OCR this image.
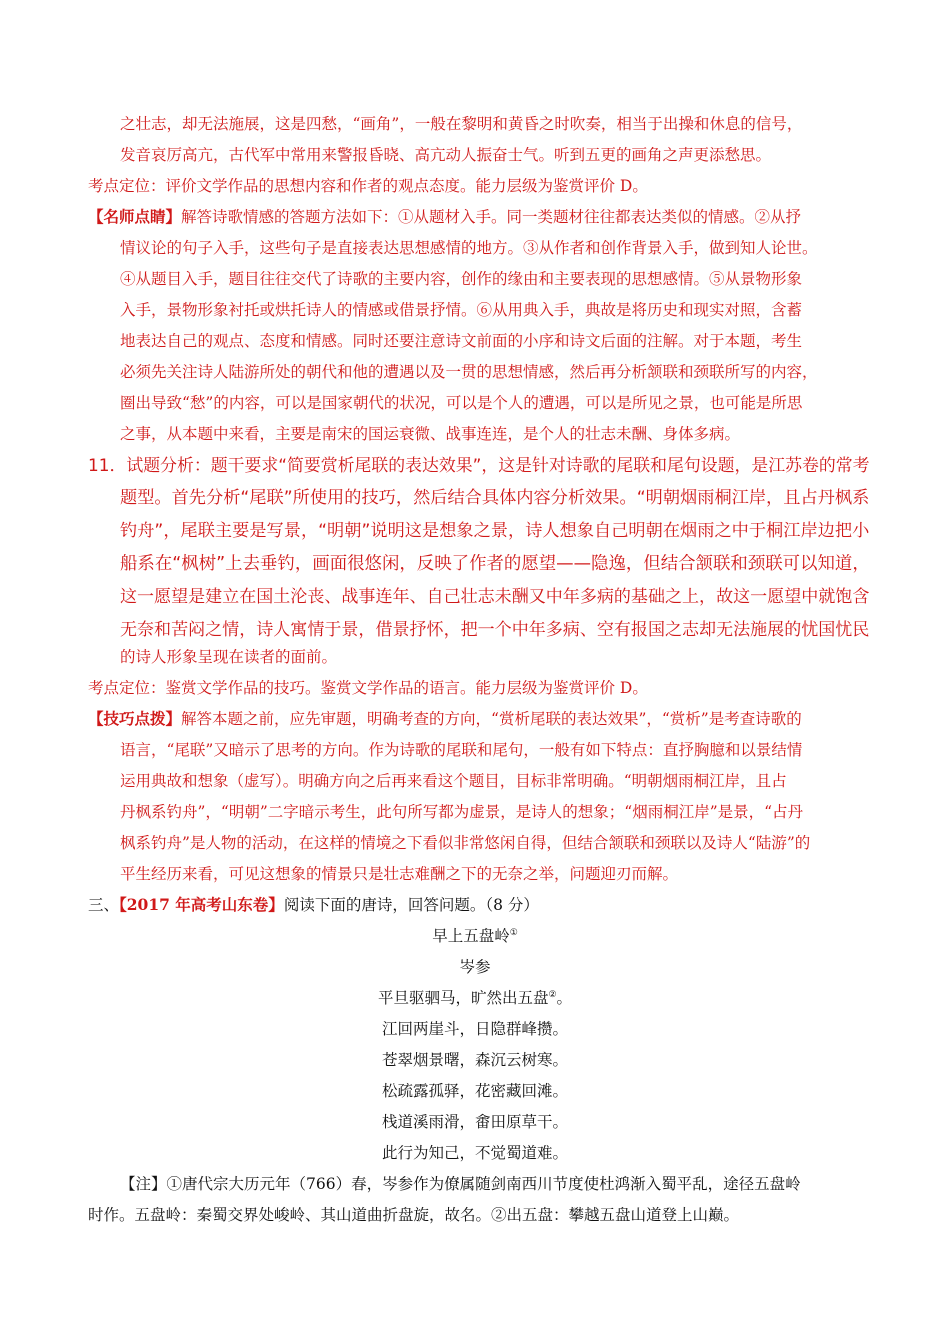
之壮志，却无法施展，这是四愁，“画角”，一般在黎明和黄昏之时吹奏，相当于出操和休息的信号，
发音哀厉高亢，古代军中常用来警报昏晓、高亢动人振奋士气。听到五更的画角之声更添愁思。
考点定位：评价文学作品的思想内容和作者的观点态度。能力层级为鉴赏评价 D。
【名师点睛】解答诗歌情感的答题方法如下：①从题材入手。同一类题材往往都表达类似的情感。②从抒
情议论的句子入手，这些句子是直接表达思想感情的地方。③从作者和创作背景入手，做到知人论世。
④从题目入手，题目往往交代了诗歌的主要内容，创作的缘由和主要表现的思想感情。⑤从景物形象
入手，景物形象衬托或烘托诗人的情感或借景抒情。⑥从用典入手，典故是将历史和现实对照，含蓄
地表达自己的观点、态度和情感。同时还要注意诗文前面的小序和诗文后面的注解。对于本题，考生
必须先关注诗人陆游所处的朝代和他的遭遇以及一贯的思想情感，然后再分析颔联和颈联所写的内容，
圈出导致“愁”的内容，可以是国家朝代的状况，可以是个人的遭遇，可以是所见之景，也可能是所思
之事，从本题中来看，主要是南宋的国运衰微、战事连连，是个人的壮志未酬、身体多病。
11．试题分析：题干要求“简要赏析尾联的表达效果”，这是针对诗歌的尾联和尾句设题，是江苏卷的常考
题型。首先分析“尾联”所使用的技巧，然后结合具体内容分析效果。“明朝烟雨桐江岸，且占丹枫系
钓舟”，尾联主要是写景，“明朝”说明这是想象之景，诗人想象自己明朝在烟雨之中于桐江岸边把小
船系在“枫树”上去垂钓，画面很悠闲，反映了作者的愿望——隐逸，但结合颔联和颈联可以知道，
这一愿望是建立在国土沦丧、战事连年、自己壮志未酬又中年多病的基础之上，故这一愿望中就饱含
无奈和苦闷之情，诗人寓情于景，借景抒怀，把一个中年多病、空有报国之志却无法施展的忧国忧民
的诗人形象呈现在读者的面前。
考点定位：鉴赏文学作品的技巧。鉴赏文学作品的语言。能力层级为鉴赏评价 D。
【技巧点拨】解答本题之前，应先审题，明确考查的方向，“赏析尾联的表达效果”，“赏析”是考查诗歌的
语言，“尾联”又暗示了思考的方向。作为诗歌的尾联和尾句，一般有如下特点：直抒胸臆和以景结情
运用典故和想象（虚写）。明确方向之后再来看这个题目，目标非常明确。“明朝烟雨桐江岸，且占
丹枫系钓舟”，“明朝”二字暗示考生，此句所写都为虚景，是诗人的想象；“烟雨桐江岸”是景，“占丹
枫系钓舟”是人物的活动，在这样的情境之下看似非常悠闲自得，但结合颔联和颈联以及诗人“陆游”的
平生经历来看，可见这想象的情景只是壮志难酬之下的无奈之举，问题迎刃而解。
三、【2017 年高考山东卷】阅读下面的唐诗，回答问题。（8 分）
早上五盘岭①
岑参
平旦驱驷马，旷然出五盘②。
江回两崖斗，日隐群峰攒。
苍翠烟景曙，森沉云树寒。
松疏露孤驿，花密藏回滩。
栈道溪雨滑，畬田原草干。
此行为知己，不觉蜀道难。
【注】①唐代宗大历元年（766）春，岑参作为僚属随剑南西川节度使杜鸿渐入蜀平乱，途径五盘岭
时作。五盘岭：秦蜀交界处峻岭、其山道曲折盘旋，故名。②出五盘：攀越五盘山道登上山巅。
